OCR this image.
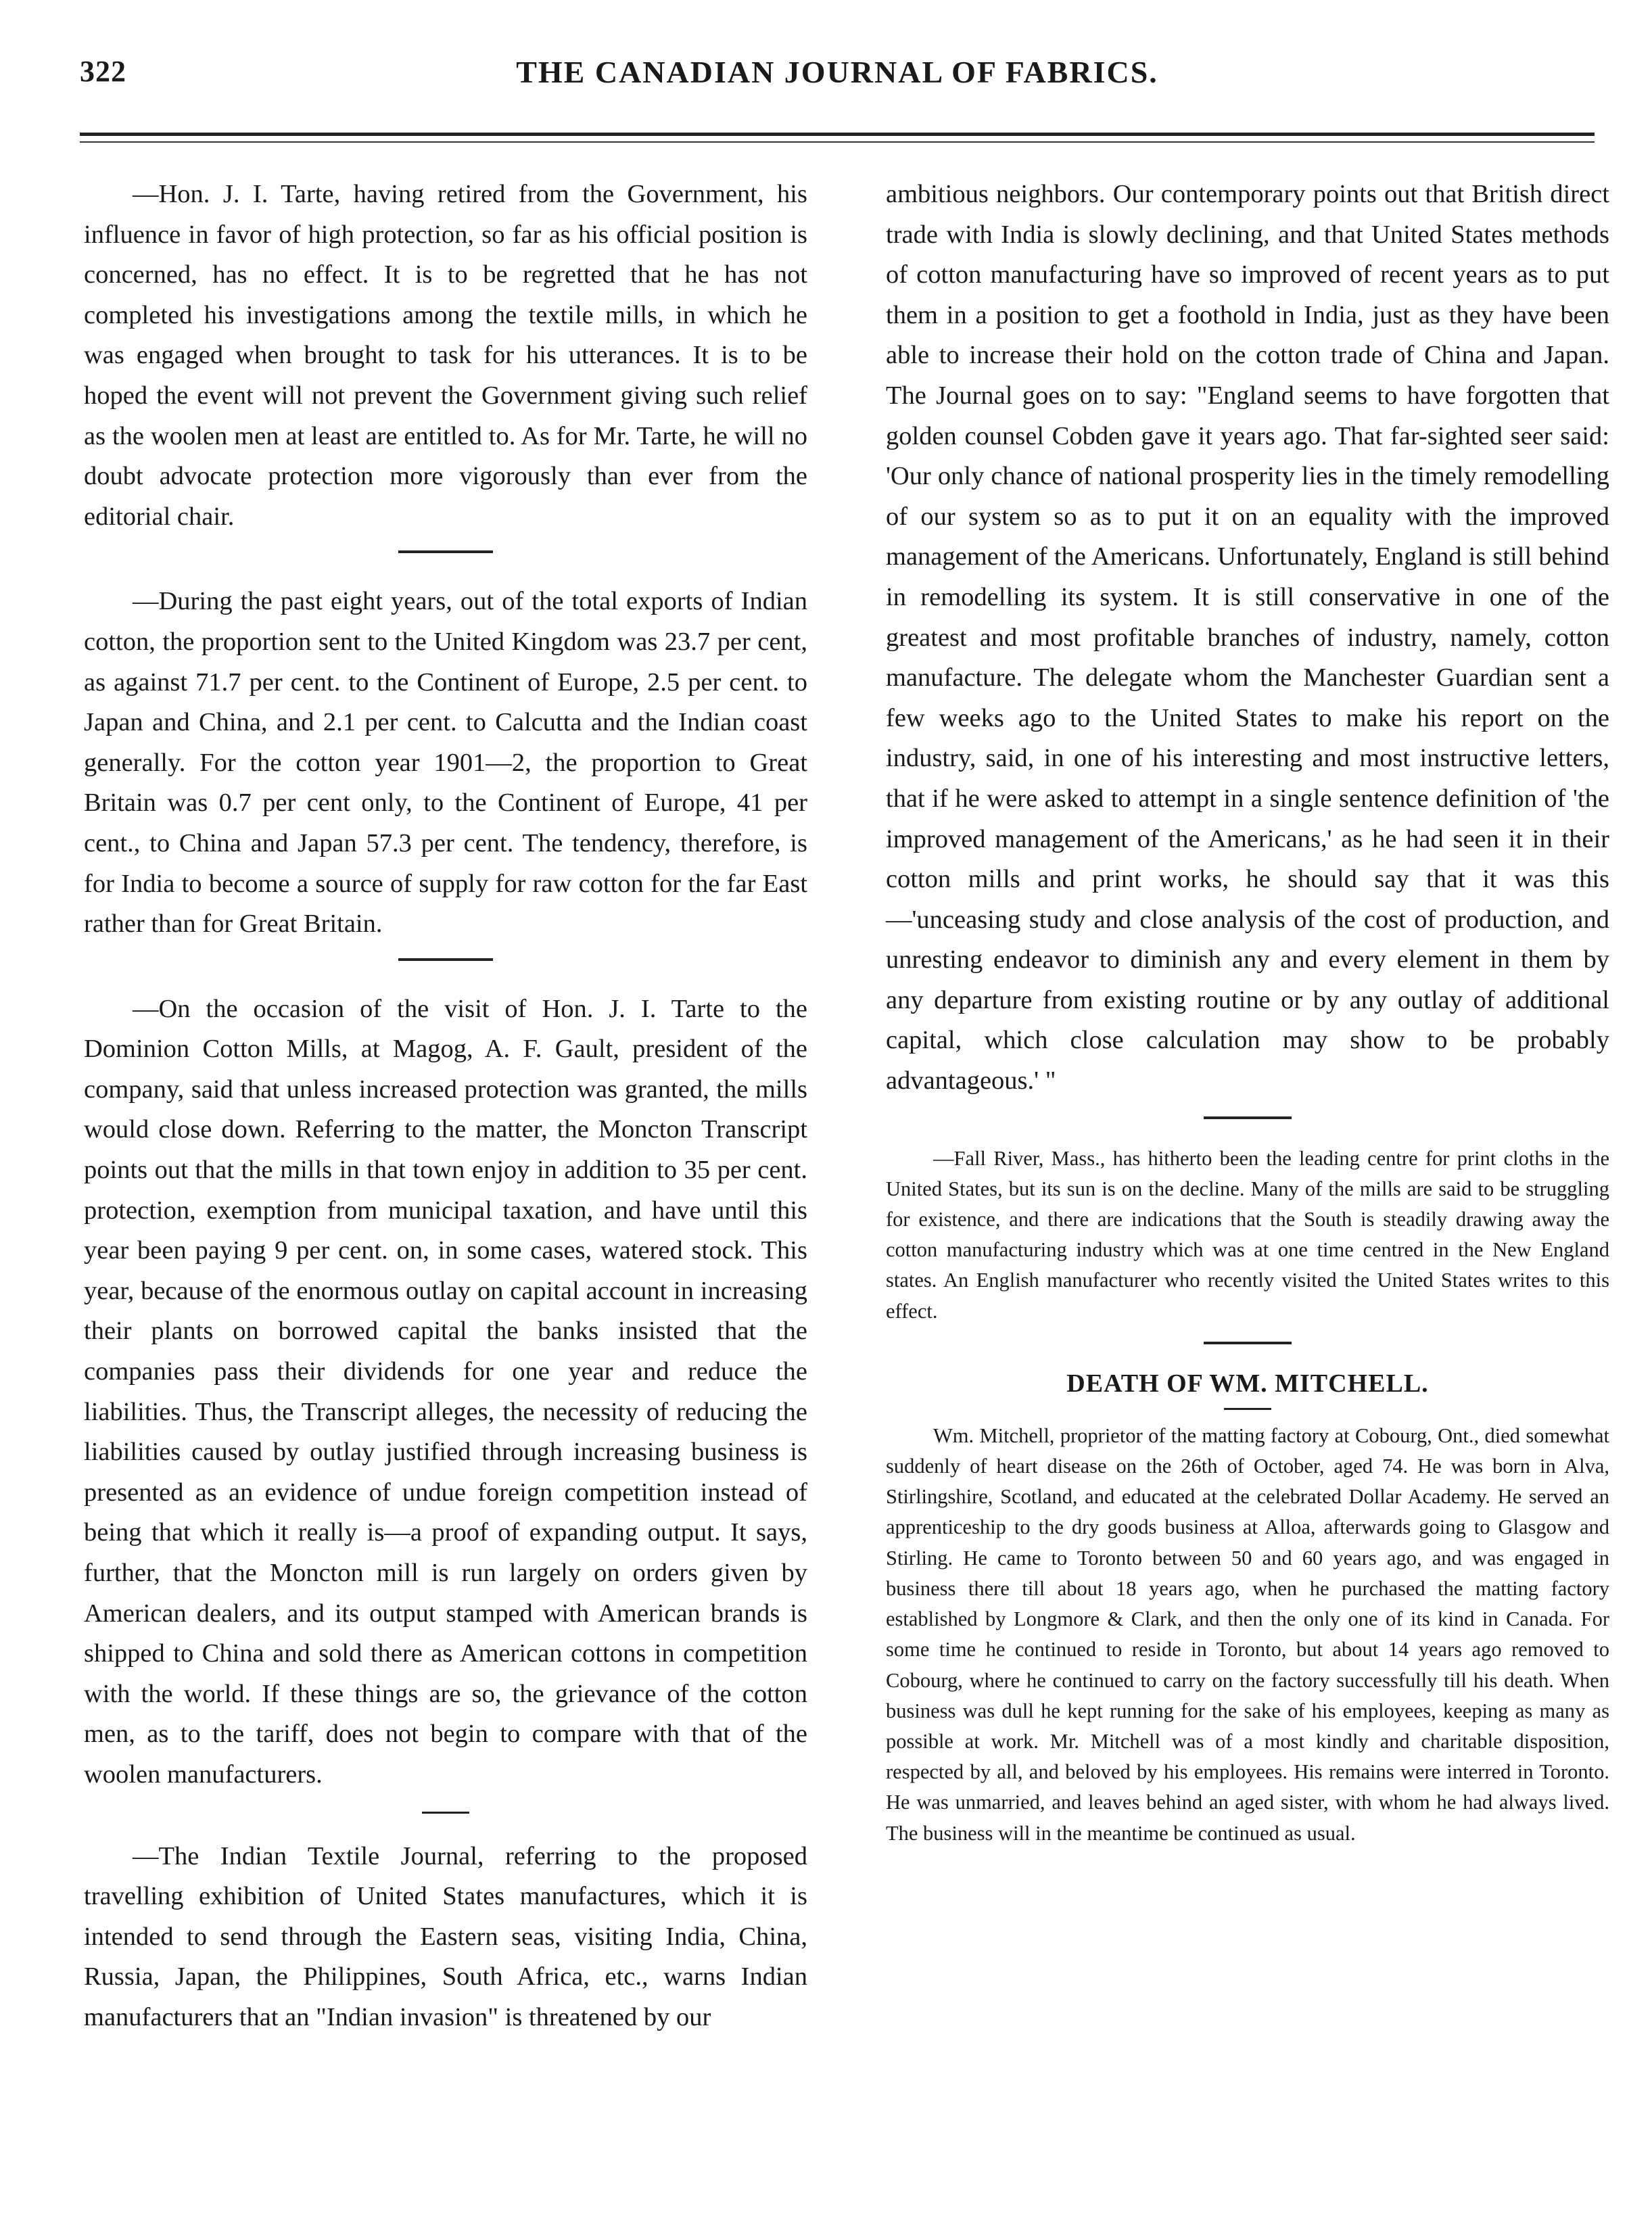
322	THE CANADIAN JOURNAL OF FABRICS.

—Hon. J. I. Tarte, having retired from the Government, his influence in favor of high protection, so far as his official position is concerned, has no effect. It is to be regretted that he has not completed his investigations among the textile mills, in which he was engaged when brought to task for his utterances. It is to be hoped the event will not prevent the Government giving such relief as the woolen men at least are entitled to. As for Mr. Tarte, he will no doubt advocate protection more vigorously than ever from the editorial chair.

—During the past eight years, out of the total exports of Indian cotton, the proportion sent to the United Kingdom was 23.7 per cent, as against 71.7 per cent. to the Continent of Europe, 2.5 per cent. to Japan and China, and 2.1 per cent. to Calcutta and the Indian coast generally. For the cotton year 1901—2, the proportion to Great Britain was 0.7 per cent only, to the Continent of Europe, 41 per cent., to China and Japan 57.3 per cent. The tendency, therefore, is for India to become a source of supply for raw cotton for the far East rather than for Great Britain.

—On the occasion of the visit of Hon. J. I. Tarte to the Dominion Cotton Mills, at Magog, A. F. Gault, president of the company, said that unless increased protection was granted, the mills would close down. Referring to the matter, the Moncton Transcript points out that the mills in that town enjoy in addition to 35 per cent. protection, exemption from municipal taxation, and have until this year been paying 9 per cent. on, in some cases, watered stock. This year, because of the enormous outlay on capital account in increasing their plants on borrowed capital the banks insisted that the companies pass their dividends for one year and reduce the liabilities. Thus, the Transcript alleges, the necessity of reducing the liabilities caused by outlay justified through increasing business is presented as an evidence of undue foreign competition instead of being that which it really is—a proof of expanding output. It says, further, that the Moncton mill is run largely on orders given by American dealers, and its output stamped with American brands is shipped to China and sold there as American cottons in competition with the world. If these things are so, the grievance of the cotton men, as to the tariff, does not begin to compare with that of the woolen manufacturers.

—The Indian Textile Journal, referring to the proposed travelling exhibition of United States manufactures, which it is intended to send through the Eastern seas, visiting India, China, Russia, Japan, the Philippines, South Africa, etc., warns Indian manufacturers that an "Indian invasion" is threatened by our

ambitious neighbors. Our contemporary points out that British direct trade with India is slowly declining, and that United States methods of cotton manufacturing have so improved of recent years as to put them in a position to get a foothold in India, just as they have been able to increase their hold on the cotton trade of China and Japan. The Journal goes on to say: "England seems to have forgotten that golden counsel Cobden gave it years ago. That far-sighted seer said: 'Our only chance of national prosperity lies in the timely remodelling of our system so as to put it on an equality with the improved management of the Americans. Unfortunately, England is still behind in remodelling its system. It is still conservative in one of the greatest and most profitable branches of industry, namely, cotton manufacture. The delegate whom the Manchester Guardian sent a few weeks ago to the United States to make his report on the industry, said, in one of his interesting and most instructive letters, that if he were asked to attempt in a single sentence definition of 'the improved management of the Americans,' as he had seen it in their cotton mills and print works, he should say that it was this—'unceasing study and close analysis of the cost of production, and unresting endeavor to diminish any and every element in them by any departure from existing routine or by any outlay of additional capital, which close calculation may show to be probably advantageous.' "

—Fall River, Mass., has hitherto been the leading centre for print cloths in the United States, but its sun is on the decline. Many of the mills are said to be struggling for existence, and there are indications that the South is steadily drawing away the cotton manufacturing industry which was at one time centred in the New England states. An English manufacturer who recently visited the United States writes to this effect.

DEATH OF WM. MITCHELL.

Wm. Mitchell, proprietor of the matting factory at Cobourg, Ont., died somewhat suddenly of heart disease on the 26th of October, aged 74. He was born in Alva, Stirlingshire, Scotland, and educated at the celebrated Dollar Academy. He served an apprenticeship to the dry goods business at Alloa, afterwards going to Glasgow and Stirling. He came to Toronto between 50 and 60 years ago, and was engaged in business there till about 18 years ago, when he purchased the matting factory established by Longmore & Clark, and then the only one of its kind in Canada. For some time he continued to reside in Toronto, but about 14 years ago removed to Cobourg, where he continued to carry on the factory successfully till his death. When business was dull he kept running for the sake of his employees, keeping as many as possible at work. Mr. Mitchell was of a most kindly and charitable disposition, respected by all, and beloved by his employees. His remains were interred in Toronto. He was unmarried, and leaves behind an aged sister, with whom he had always lived. The business will in the meantime be continued as usual.
